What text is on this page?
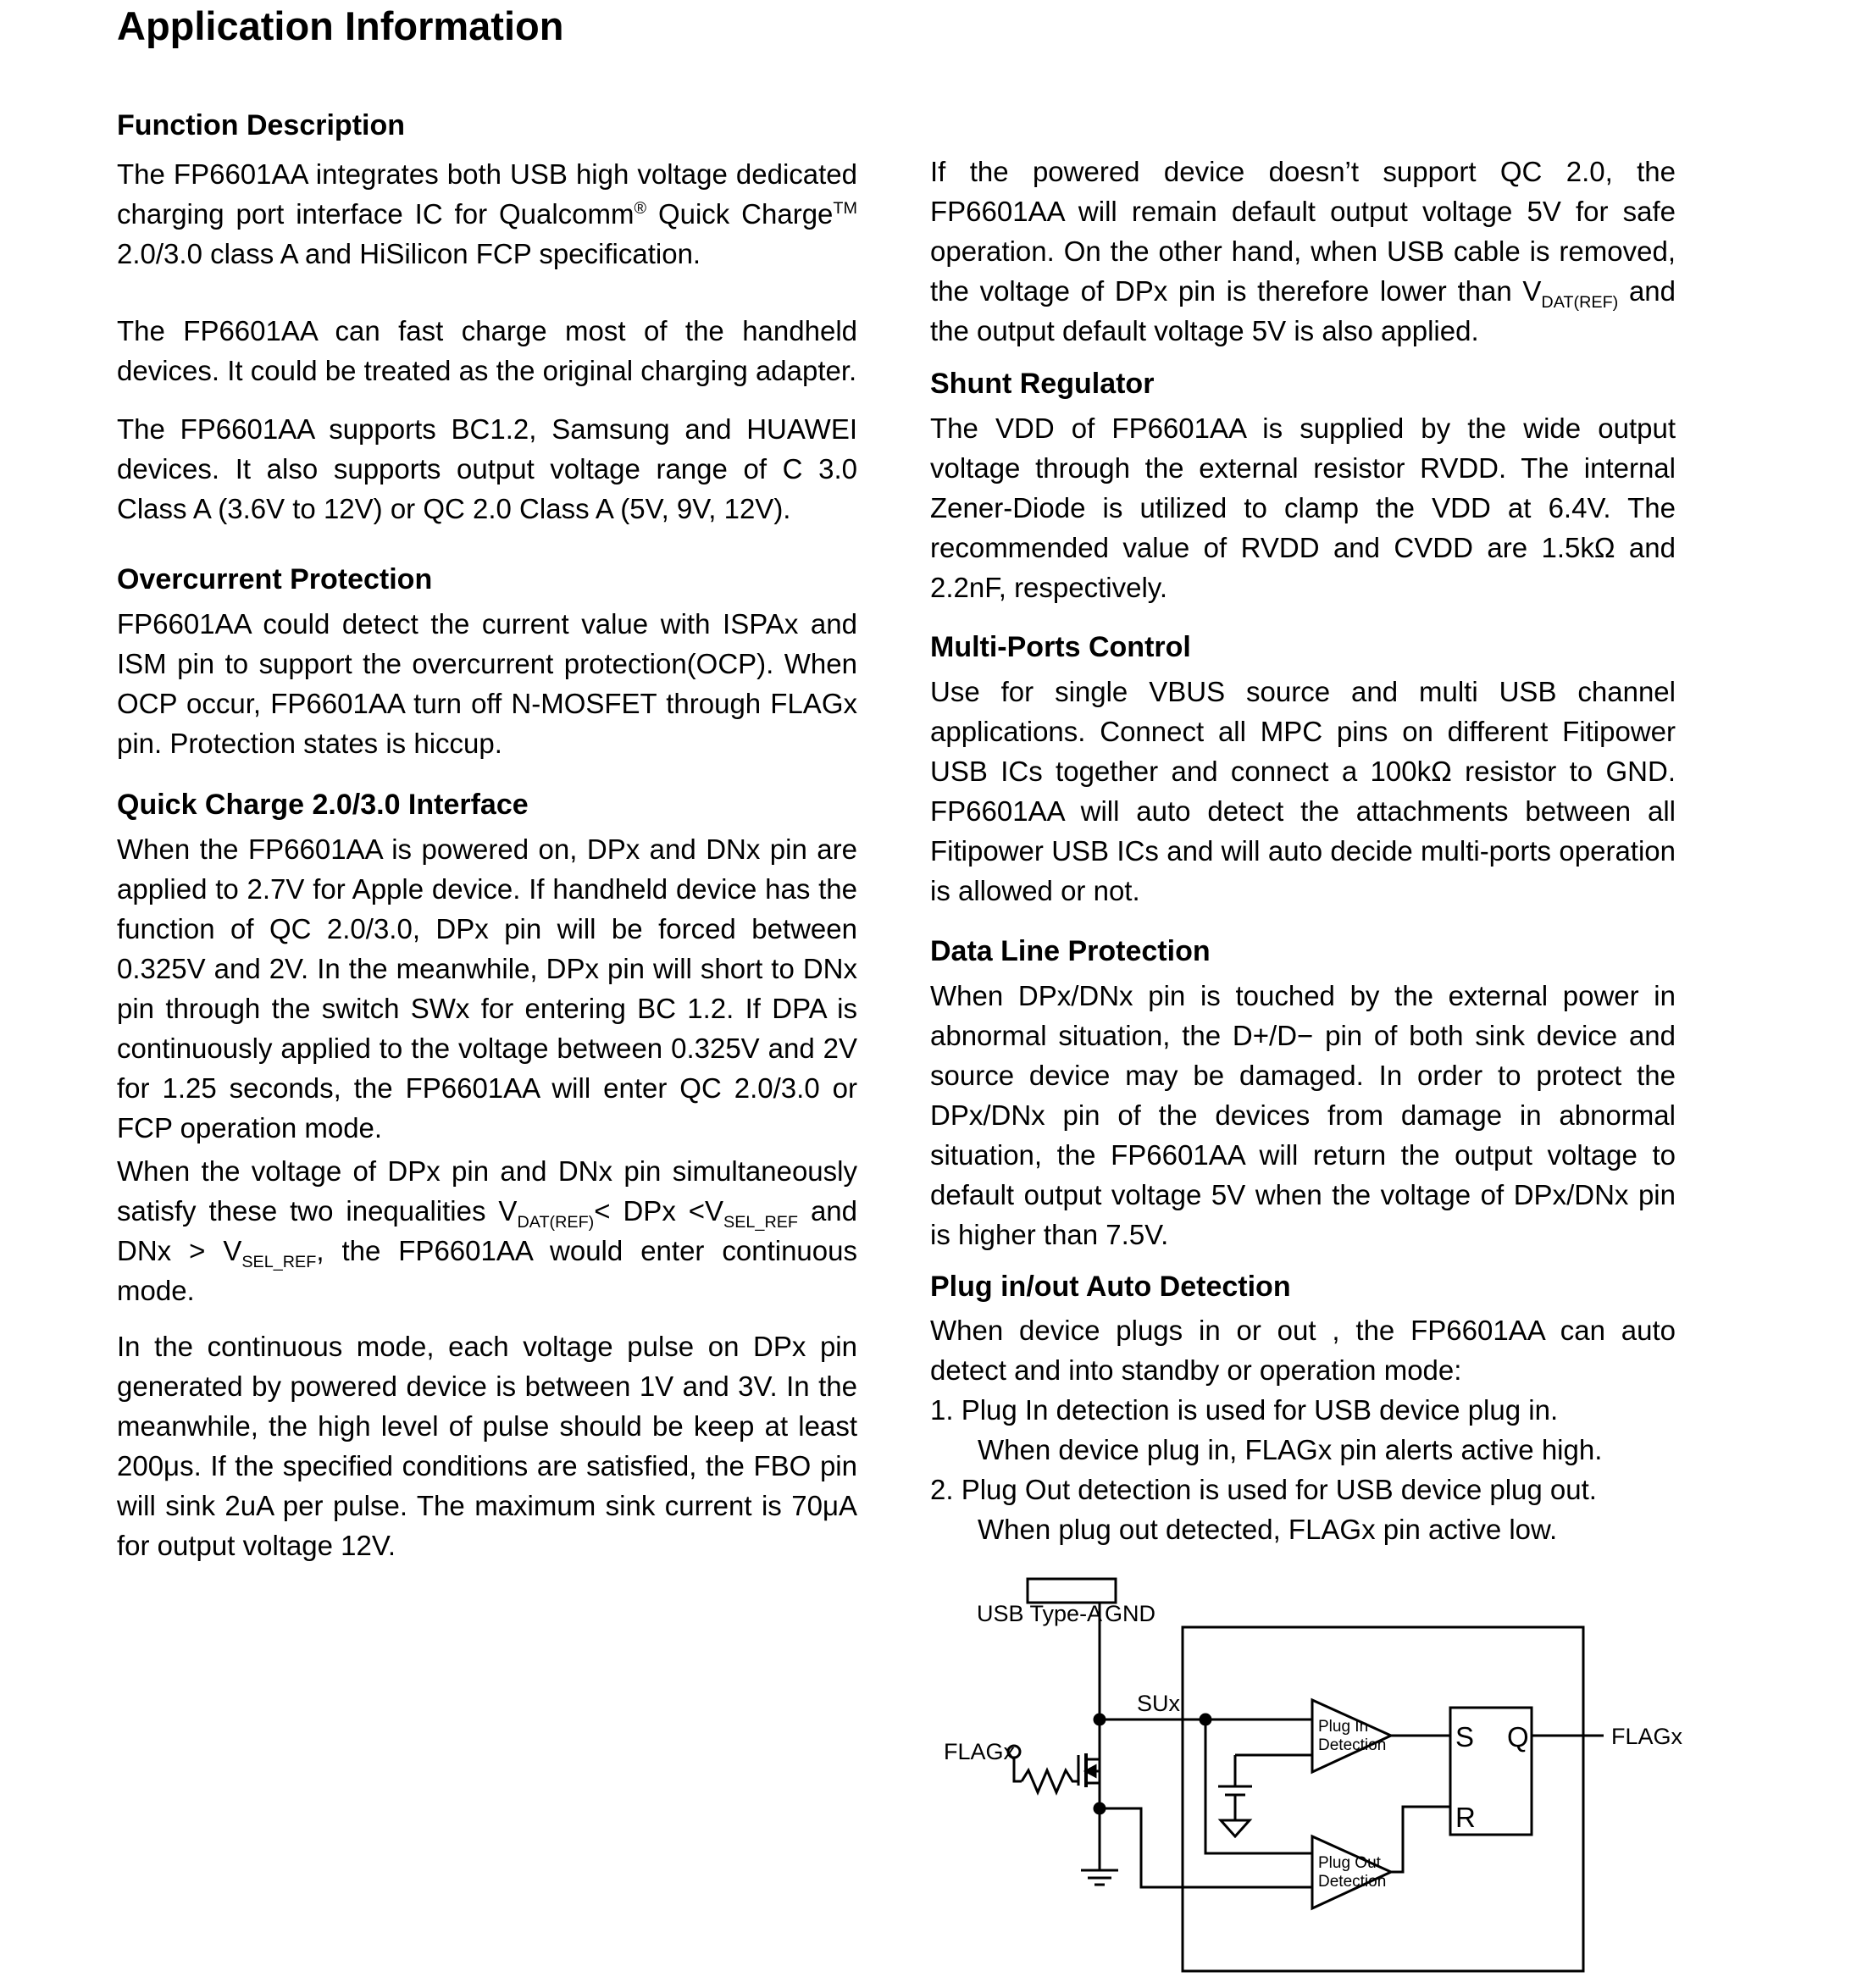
Application Information
Function Description

The FP6601AA integrates both USB high voltage dedicated charging port interface IC for Qualcomm® Quick Charge™ 2.0/3.0 class A and HiSilicon FCP specification.

The FP6601AA can fast charge most of the handheld devices. It could be treated as the original charging adapter.

The FP6601AA supports BC1.2, Samsung and HUAWEI devices. It also supports output voltage range of C 3.0 Class A (3.6V to 12V) or QC 2.0 Class A (5V, 9V, 12V).

Overcurrent Protection

FP6601AA could detect the current value with ISPAx and ISM pin to support the overcurrent protection(OCP). When OCP occur, FP6601AA turn off N-MOSFET through FLAGx pin. Protection states is hiccup.

Quick Charge 2.0/3.0 Interface

When the FP6601AA is powered on, DPx and DNx pin are applied to 2.7V for Apple device. If handheld device has the function of QC 2.0/3.0, DPx pin will be forced between 0.325V and 2V. In the meanwhile, DPx pin will short to DNx pin through the switch SWx for entering BC 1.2. If DPA is continuously applied to the voltage between 0.325V and 2V for 1.25 seconds, the FP6601AA will enter QC 2.0/3.0 or FCP operation mode.

When the voltage of DPx pin and DNx pin simultaneously satisfy these two inequalities $V_{DAT(REF)}<$ DPx $<V_{SEL\_REF}$ and DNx > $V_{SEL\_REF}$, the FP6601AA would enter continuous mode.

In the continuous mode, each voltage pulse on DPx pin generated by powered device is between 1V and 3V. In the meanwhile, the high level of pulse should be keep at least 200μs. If the specified conditions are satisfied, the FBO pin will sink 2uA per pulse. The maximum sink current is 70μA for output voltage 12V.

If the powered device doesn’t support QC 2.0, the FP6601AA will remain default output voltage 5V for safe operation. On the other hand, when USB cable is removed, the voltage of DPx pin is therefore lower than $V_{DAT(REF)}$ and the output default voltage 5V is also applied.

Shunt Regulator

The VDD of FP6601AA is supplied by the wide output voltage through the external resistor RVDD. The internal Zener-Diode is utilized to clamp the VDD at 6.4V. The recommended value of RVDD and CVDD are 1.5kΩ and 2.2nF, respectively.

Multi-Ports Control

Use for single VBUS source and multi USB channel applications. Connect all MPC pins on different Fitipower USB ICs together and connect a 100kΩ resistor to GND. FP6601AA will auto detect the attachments between all Fitipower USB ICs and will auto decide multi-ports operation is allowed or not.

Data Line Protection

When DPx/DNx pin is touched by the external power in abnormal situation, the D+/D− pin of both sink device and source device may be damaged. In order to protect the DPx/DNx pin of the devices from damage in abnormal situation, the FP6601AA will return the output voltage to default output voltage 5V when the voltage of DPx/DNx pin is higher than 7.5V.

Plug in/out Auto Detection

When device plugs in or out , the FP6601AA can auto detect and into standby or operation mode:

1. Plug In detection is used for USB device plug in.

When device plug in, FLAGx pin alerts active high.

2. Plug Out detection is used for USB device plug out.

When plug out detected, FLAGx pin active low.

USB Type-A GND
SUx
FLAGx
Plug In
Detection
Plug Out
Detection
S Q
R
FLAGx
